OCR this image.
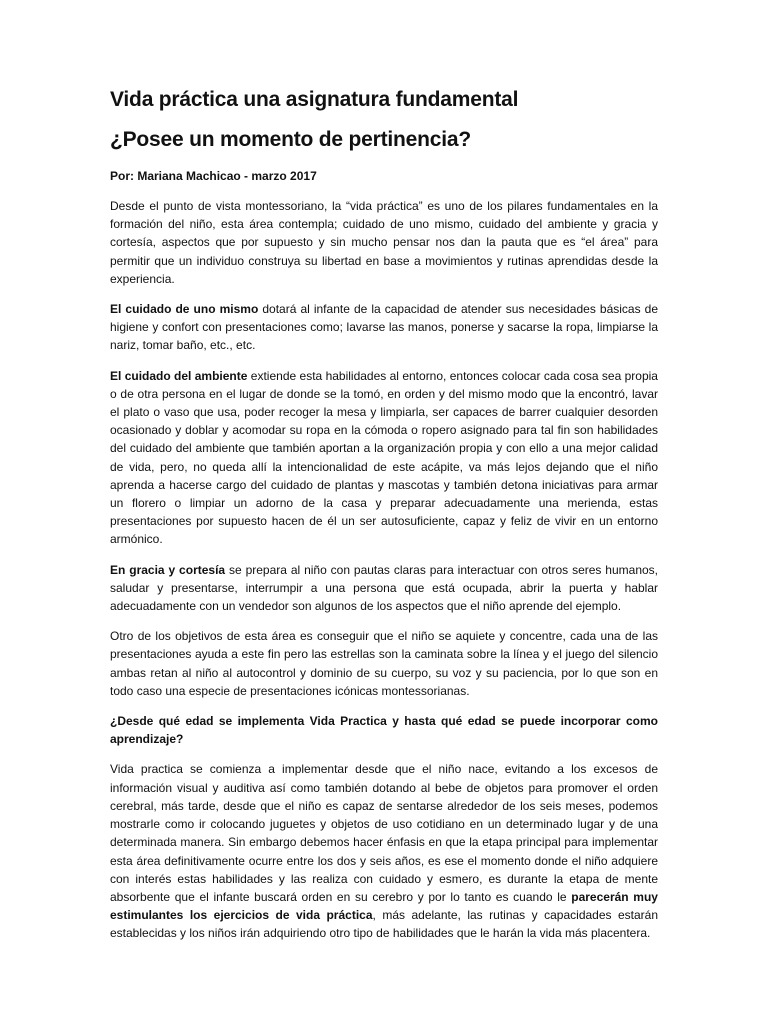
Vida práctica una asignatura fundamental
¿Posee un momento de pertinencia?
Por: Mariana Machicao - marzo 2017

Desde el punto de vista montessoriano, la “vida práctica” es uno de los pilares fundamentales en la formación del niño, esta área contempla; cuidado de uno mismo, cuidado del ambiente y gracia y cortesía, aspectos que por supuesto y sin mucho pensar nos dan la pauta que es “el área” para permitir que un individuo construya su libertad en base a movimientos y rutinas aprendidas desde la experiencia.

El cuidado de uno mismo dotará al infante de la capacidad de atender sus necesidades básicas de higiene y confort con presentaciones como; lavarse las manos, ponerse y sacarse la ropa, limpiarse la nariz, tomar baño, etc., etc.

El cuidado del ambiente extiende esta habilidades al entorno, entonces colocar cada cosa sea propia o de otra persona en el lugar de donde se la tomó, en orden y del mismo modo que la encontró, lavar el plato o vaso que usa, poder recoger la mesa y limpiarla, ser capaces de barrer cualquier desorden ocasionado y doblar y acomodar su ropa en la cómoda o ropero asignado para tal fin son habilidades del cuidado del ambiente que también aportan a la organización propia y con ello a una mejor calidad de vida, pero, no queda allí la intencionalidad de este acápite, va más lejos dejando que el niño aprenda a hacerse cargo del cuidado de plantas y mascotas y también detona iniciativas para armar un florero o limpiar un adorno de la casa y preparar adecuadamente una merienda, estas presentaciones por supuesto hacen de él un ser autosuficiente, capaz y feliz de vivir en un entorno armónico.

En gracia y cortesía se prepara al niño con pautas claras para interactuar con otros seres humanos, saludar y presentarse, interrumpir a una persona que está ocupada, abrir la puerta y hablar adecuadamente con un vendedor son algunos de los aspectos que el niño aprende del ejemplo.

Otro de los objetivos de esta área es conseguir que el niño se aquiete y concentre, cada una de las presentaciones ayuda a este fin pero las estrellas son la caminata sobre la línea y el juego del silencio ambas retan al niño al autocontrol y dominio de su cuerpo, su voz y su paciencia, por lo que son en todo caso una especie de presentaciones icónicas montessorianas.

¿Desde qué edad se implementa Vida Practica y hasta qué edad se puede incorporar como aprendizaje?

Vida practica se comienza a implementar desde que el niño nace, evitando a los excesos de información visual y auditiva así como también dotando al bebe de objetos para promover el orden cerebral, más tarde, desde que el niño es capaz de sentarse alrededor de los seis meses, podemos mostrarle como ir colocando juguetes y objetos de uso cotidiano en un determinado lugar y de una determinada manera. Sin embargo debemos hacer énfasis en que la etapa principal para implementar esta área definitivamente ocurre entre los dos y seis años, es ese el momento donde el niño adquiere con interés estas habilidades y las realiza con cuidado y esmero, es durante la etapa de mente absorbente que el infante buscará orden en su cerebro y por lo tanto es cuando le parecerán muy estimulantes los ejercicios de vida práctica, más adelante, las rutinas y capacidades estarán establecidas y los niños irán adquiriendo otro tipo de habilidades que le harán la vida más placentera.
